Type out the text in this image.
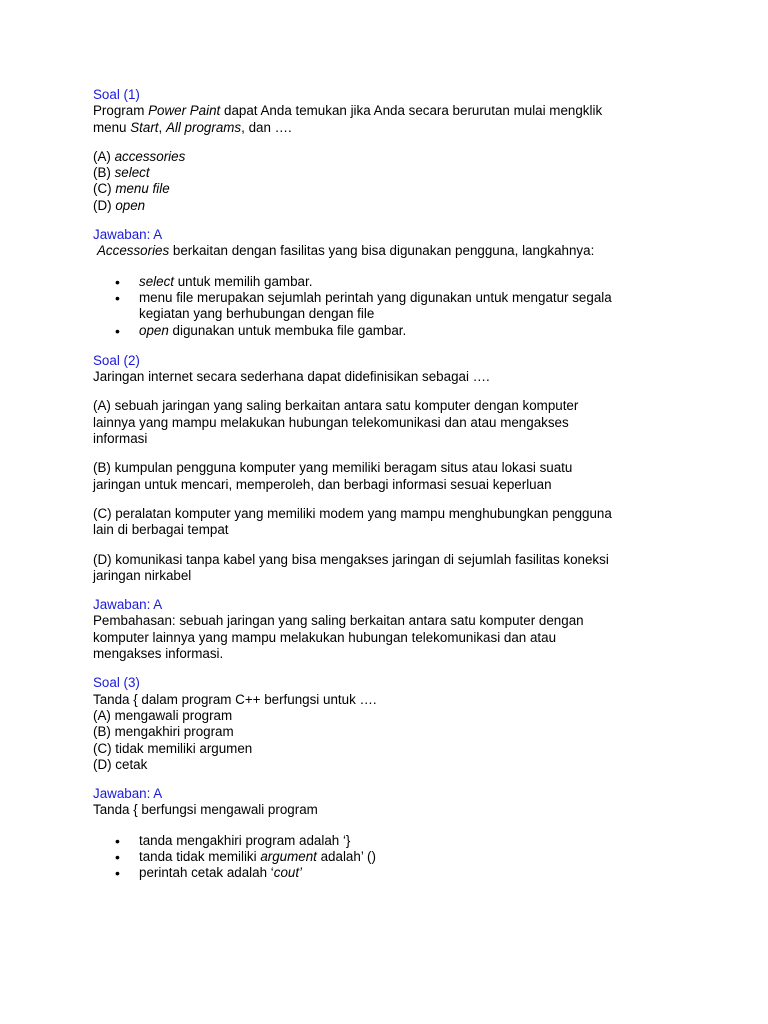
Soal (1)
Program Power Paint dapat Anda temukan jika Anda secara berurutan mulai mengklik
menu Start, All programs, dan ….
(A) accessories
(B) select
(C) menu file
(D) open
Jawaban: A
Accessories berkaitan dengan fasilitas yang bisa digunakan pengguna, langkahnya:
• select untuk memilih gambar.
• menu file merupakan sejumlah perintah yang digunakan untuk mengatur segala
kegiatan yang berhubungan dengan file
• open digunakan untuk membuka file gambar.
Soal (2)
Jaringan internet secara sederhana dapat didefinisikan sebagai ….
(A) sebuah jaringan yang saling berkaitan antara satu komputer dengan komputer
lainnya yang mampu melakukan hubungan telekomunikasi dan atau mengakses
informasi
(B) kumpulan pengguna komputer yang memiliki beragam situs atau lokasi suatu
jaringan untuk mencari, memperoleh, dan berbagi informasi sesuai keperluan
(C) peralatan komputer yang memiliki modem yang mampu menghubungkan pengguna
lain di berbagai tempat
(D) komunikasi tanpa kabel yang bisa mengakses jaringan di sejumlah fasilitas koneksi
jaringan nirkabel
Jawaban: A
Pembahasan: sebuah jaringan yang saling berkaitan antara satu komputer dengan
komputer lainnya yang mampu melakukan hubungan telekomunikasi dan atau
mengakses informasi.
Soal (3)
Tanda { dalam program C++ berfungsi untuk ….
(A) mengawali program
(B) mengakhiri program
(C) tidak memiliki argumen
(D) cetak
Jawaban: A
Tanda { berfungsi mengawali program
• tanda mengakhiri program adalah ‘}
• tanda tidak memiliki argument adalah’ ()
• perintah cetak adalah ‘cout’
